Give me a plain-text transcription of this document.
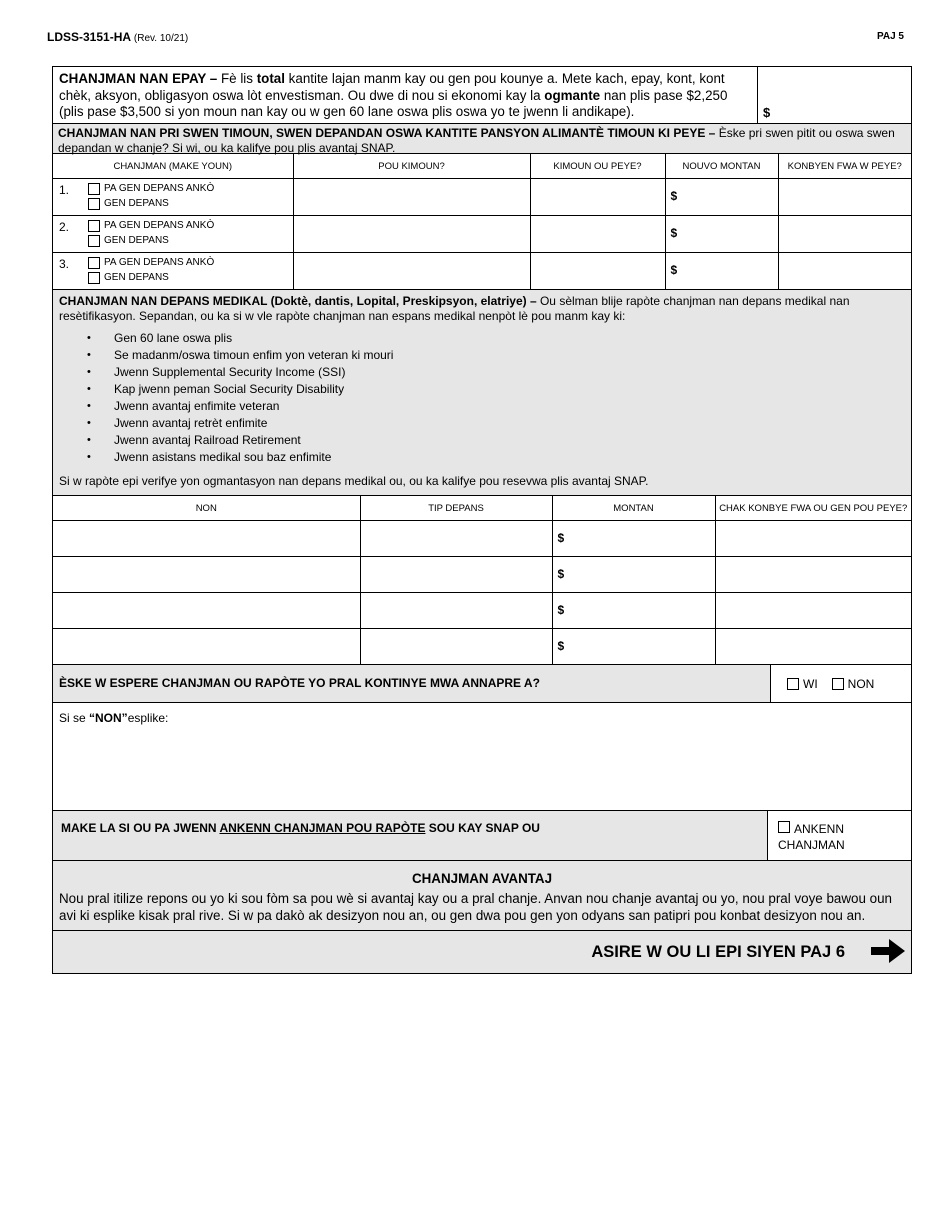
LDSS-3151-HA (Rev. 10/21)	PAJ 5
CHANJMAN NAN EPAY – Fè lis total kantite lajan manm kay ou gen pou kounye a. Mete kach, epay, kont, kont chèk, aksyon, obligasyon oswa lòt envestisman. Ou dwe di nou si ekonomi kay la ogmante nan plis pase $2,250 (plis pase $3,500 si yon moun nan kay ou w gen 60 lane oswa plis oswa yo te jwenn li andikape).	$
CHANJMAN NAN PRI SWEN TIMOUN, SWEN DEPANDAN OSWA KANTITE PANSYON ALIMANTÈ TIMOUN KI PEYE – Èske pri swen pitit ou oswa swen depandan w chanje? Si wi, ou ka kalifye pou plis avantaj SNAP.
CHANJMAN (MAKE YOUN)	POU KIMOUN?	KIMOUN OU PEYE?	NOUVO MONTAN	KONBYEN FWA W PEYE?

1. PA GEN DEPANS ANKÒ
GEN DEPANS			$	

2. PA GEN DEPANS ANKÒ
GEN DEPANS			$	

3. PA GEN DEPANS ANKÒ
GEN DEPANS			$	

CHANJMAN NAN DEPANS MEDIKAL (Doktè, dantis, Lopital, Preskipsyon, elatriye) – Ou sèlman blije rapòte chanjman nan depans medikal nan resètifikasyon. Sepandan, ou ka si w vle rapòte chanjman nan espans medikal nenpòt lè pou manm kay ki:
• Gen 60 lane oswa plis
• Se madanm/oswa timoun enfim yon veteran ki mouri
• Jwenn Supplemental Security Income (SSI)
• Kap jwenn peman Social Security Disability
• Jwenn avantaj enfimite veteran
• Jwenn avantaj retrèt enfimite
• Jwenn avantaj Railroad Retirement
• Jwenn asistans medikal sou baz enfimite
Si w rapòte epi verifye yon ogmantasyon nan depans medikal ou, ou ka kalifye pou resevwa plis avantaj SNAP.
NON	TIP DEPANS	MONTAN	CHAK KONBYE FWA OU GEN POU PEYE?

		$	

		$	

		$	

		$	

ÈSKE W ESPERE CHANJMAN OU RAPÒTE YO PRAL KONTINYE MWA ANNAPRE A?	WI	NON
Si se “NON”esplike:
MAKE LA SI OU PA JWENN ANKENN CHANJMAN POU RAPÒTE SOU KAY SNAP OU	ANKENN CHANJMAN
CHANJMAN AVANTAJ
Nou pral itilize repons ou yo ki sou fòm sa pou wè si avantaj kay ou a pral chanje. Anvan nou chanje avantaj ou yo, nou pral voye bawou oun avi ki esplike kisak pral rive. Si w pa dakò ak desizyon nou an, ou gen dwa pou gen yon odyans san patipri pou konbat desizyon nou an.
ASIRE W OU LI EPI SIYEN PAJ 6
